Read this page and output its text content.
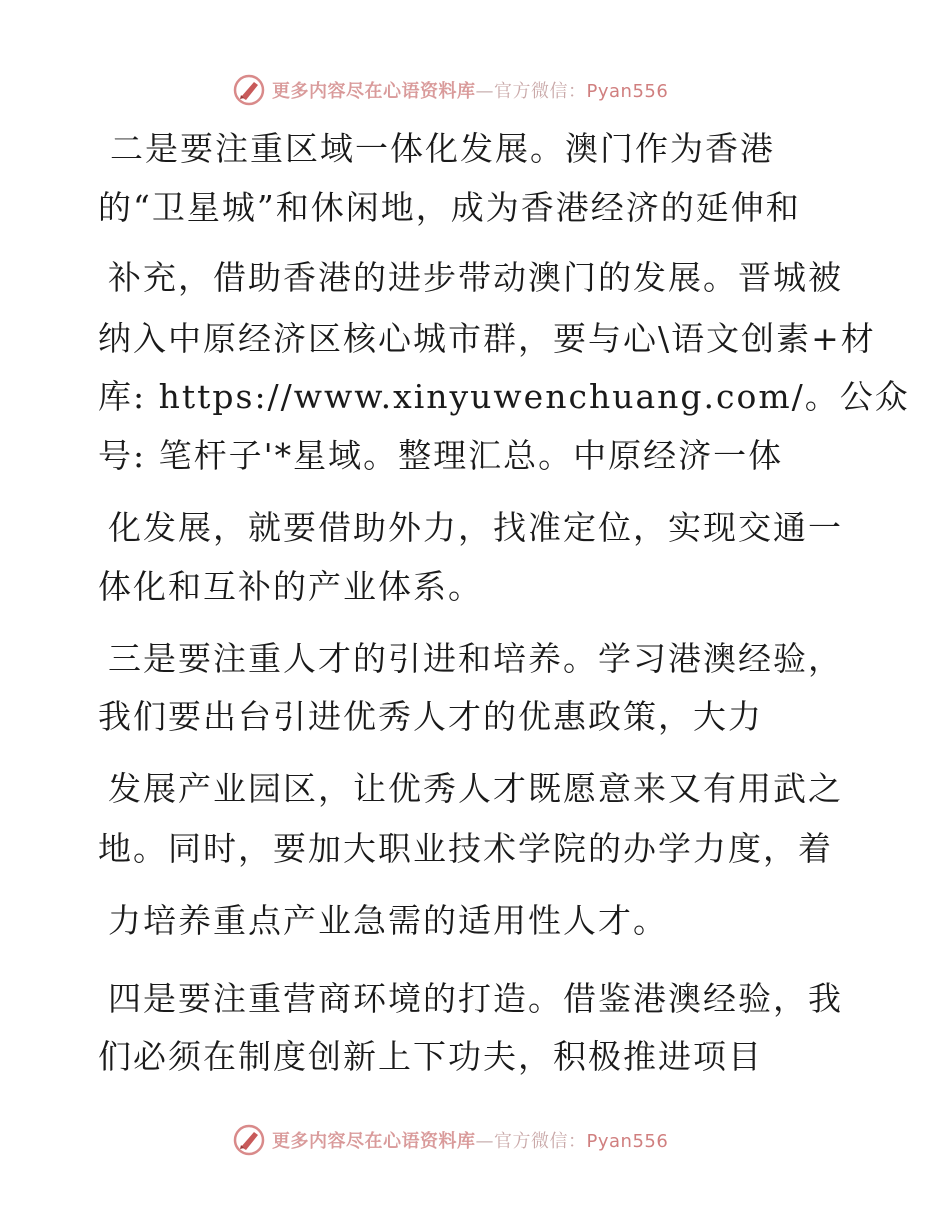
更多内容尽在心语资料库—官方微信：Pyan556
二是要注重区域一体化发展。澳门作为香港
的“卫星城”和休闲地，成为香港经济的延伸和
补充，借助香港的进步带动澳门的发展。晋城被
纳入中原经济区核心城市群，要与心\语文创素+材
库: https://www.xinyuwenchuang.com/。公众
号: 笔杆子'*星域。整理汇总。中原经济一体
化发展，就要借助外力，找准定位，实现交通一
体化和互补的产业体系。
三是要注重人才的引进和培养。学习港澳经验，
我们要出台引进优秀人才的优惠政策，大力
发展产业园区，让优秀人才既愿意来又有用武之
地。同时，要加大职业技术学院的办学力度，着
力培养重点产业急需的适用性人才。
四是要注重营商环境的打造。借鉴港澳经验，我
们必须在制度创新上下功夫，积极推进项目
更多内容尽在心语资料库—官方微信：Pyan556
